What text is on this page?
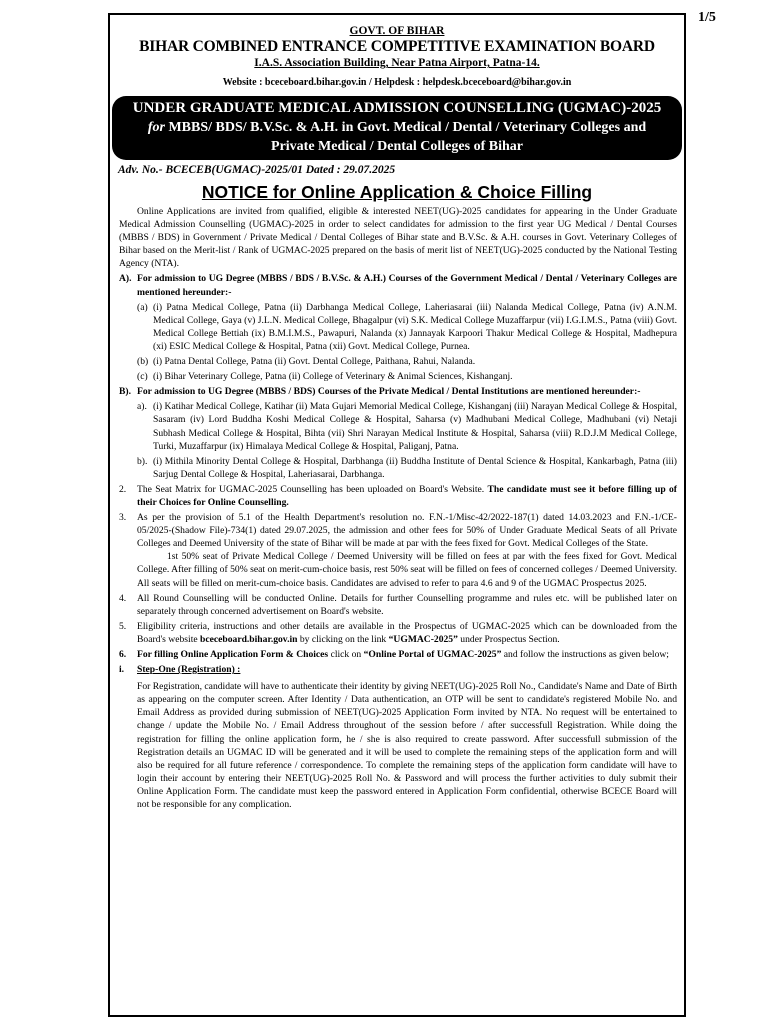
1/5
GOVT. OF BIHAR
BIHAR COMBINED ENTRANCE COMPETITIVE EXAMINATION BOARD
I.A.S. Association Building, Near Patna Airport, Patna-14.
Website : bceceboard.bihar.gov.in / Helpdesk : helpdesk.bceceboard@bihar.gov.in
UNDER GRADUATE MEDICAL ADMISSION COUNSELLING (UGMAC)-2025
for MBBS/ BDS/ B.V.Sc. & A.H. in Govt. Medical / Dental / Veterinary Colleges and
Private Medical / Dental Colleges of Bihar
Adv. No.- BCECEB(UGMAC)-2025/01 Dated : 29.07.2025
NOTICE for Online Application & Choice Filling
Online Applications are invited from qualified, eligible & interested NEET(UG)-2025 candidates for appearing in the Under Graduate Medical Admission Counselling (UGMAC)-2025 in order to select candidates for admission to the first year UG Medical / Dental Courses (MBBS / BDS) in Government / Private Medical / Dental Colleges of Bihar state and B.V.Sc. & A.H. courses in Govt. Veterinary Colleges of Bihar based on the Merit-list / Rank of UGMAC-2025 prepared on the basis of merit list of NEET(UG)-2025 conducted by the National Testing Agency (NTA).
A). For admission to UG Degree (MBBS / BDS / B.V.Sc. & A.H.) Courses of the Government Medical / Dental / Veterinary Colleges are mentioned hereunder:-
(a) (i) Patna Medical College, Patna (ii) Darbhanga Medical College, Laheriasarai (iii) Nalanda Medical College, Patna (iv) A.N.M. Medical College, Gaya (v) J.L.N. Medical College, Bhagalpur (vi) S.K. Medical College Muzaffarpur (vii) I.G.I.M.S., Patna (viii) Govt. Medical College Bettiah (ix) B.M.I.M.S., Pawapuri, Nalanda (x) Jannayak Karpoori Thakur Medical College & Hospital, Madhepura (xi) ESIC Medical College & Hospital, Patna (xii) Govt. Medical College, Purnea.
(b) (i) Patna Dental College, Patna (ii) Govt. Dental College, Paithana, Rahui, Nalanda.
(c) (i) Bihar Veterinary College, Patna (ii) College of Veterinary & Animal Sciences, Kishanganj.
B). For admission to UG Degree (MBBS / BDS) Courses of the Private Medical / Dental Institutions are mentioned hereunder:-
a). (i) Katihar Medical College, Katihar (ii) Mata Gujari Memorial Medical College, Kishanganj (iii) Narayan Medical College & Hospital, Sasaram (iv) Lord Buddha Koshi Medical College & Hospital, Saharsa (v) Madhubani Medical College, Madhubani (vi) Netaji Subhash Medical College & Hospital, Bihta (vii) Shri Narayan Medical Institute & Hospital, Saharsa (viii) R.D.J.M Medical College, Turki, Muzaffarpur (ix) Himalaya Medical College & Hospital, Paliganj, Patna.
b). (i) Mithila Minority Dental College & Hospital, Darbhanga (ii) Buddha Institute of Dental Science & Hospital, Kankarbagh, Patna (iii) Sarjug Dental College & Hospital, Laheriasarai, Darbhanga.
2.	The Seat Matrix for UGMAC-2025 Counselling has been uploaded on Board's Website. The candidate must see it before filling up of their Choices for Online Counselling.
3.	As per the provision of 5.1 of the Health Department's resolution no. F.N.-1/Misc-42/2022-187(1) dated 14.03.2023 and F.N.-1/CE-05/2025-(Shadow File)-734(1) dated 29.07.2025, the admission and other fees for 50% of Under Graduate Medical Seats of all Private Colleges and Deemed University of the state of Bihar will be made at par with the fees fixed for Govt. Medical Colleges of the State.
1st 50% seat of Private Medical College / Deemed University will be filled on fees at par with the fees fixed for Govt. Medical College. After filling of 50% seat on merit-cum-choice basis, rest 50% seat will be filled on fees of concerned colleges / Deemed University. All seats will be filled on merit-cum-choice basis. Candidates are advised to refer to para 4.6 and 9 of the UGMAC Prospectus 2025.
4.	All Round Counselling will be conducted Online. Details for further Counselling programme and rules etc. will be published later on separately through concerned advertisement on Board's website.
5.	Eligibility criteria, instructions and other details are available in the Prospectus of UGMAC-2025 which can be downloaded from the Board's website bceceboard.bihar.gov.in by clicking on the link “UGMAC-2025” under Prospectus Section.
6.	For filling Online Application Form & Choices click on “Online Portal of UGMAC-2025” and follow the instructions as given below;
i.	Step-One (Registration) :
For Registration, candidate will have to authenticate their identity by giving NEET(UG)-2025 Roll No., Candidate's Name and Date of Birth as appearing on the computer screen. After Identity / Data authentication, an OTP will be sent to candidate's registered Mobile No. and Email Address as provided during submission of NEET(UG)-2025 Application Form invited by NTA. No request will be entertained to change / update the Mobile No. / Email Address throughout of the session before / after successfull Registration. While doing the registration for filling the online application form, he / she is also required to create password. After successfull submission of the Registration details an UGMAC ID will be generated and it will be used to complete the remaining steps of the application form and will also be required for all future reference / correspondence. To complete the remaining steps of the application form candidate will have to login their account by entering their NEET(UG)-2025 Roll No. & Password and will process the further activities to duly submit their Online Application Form. The candidate must keep the password entered in Application Form confidential, otherwise BCECE Board will not be responsible for any complication.
